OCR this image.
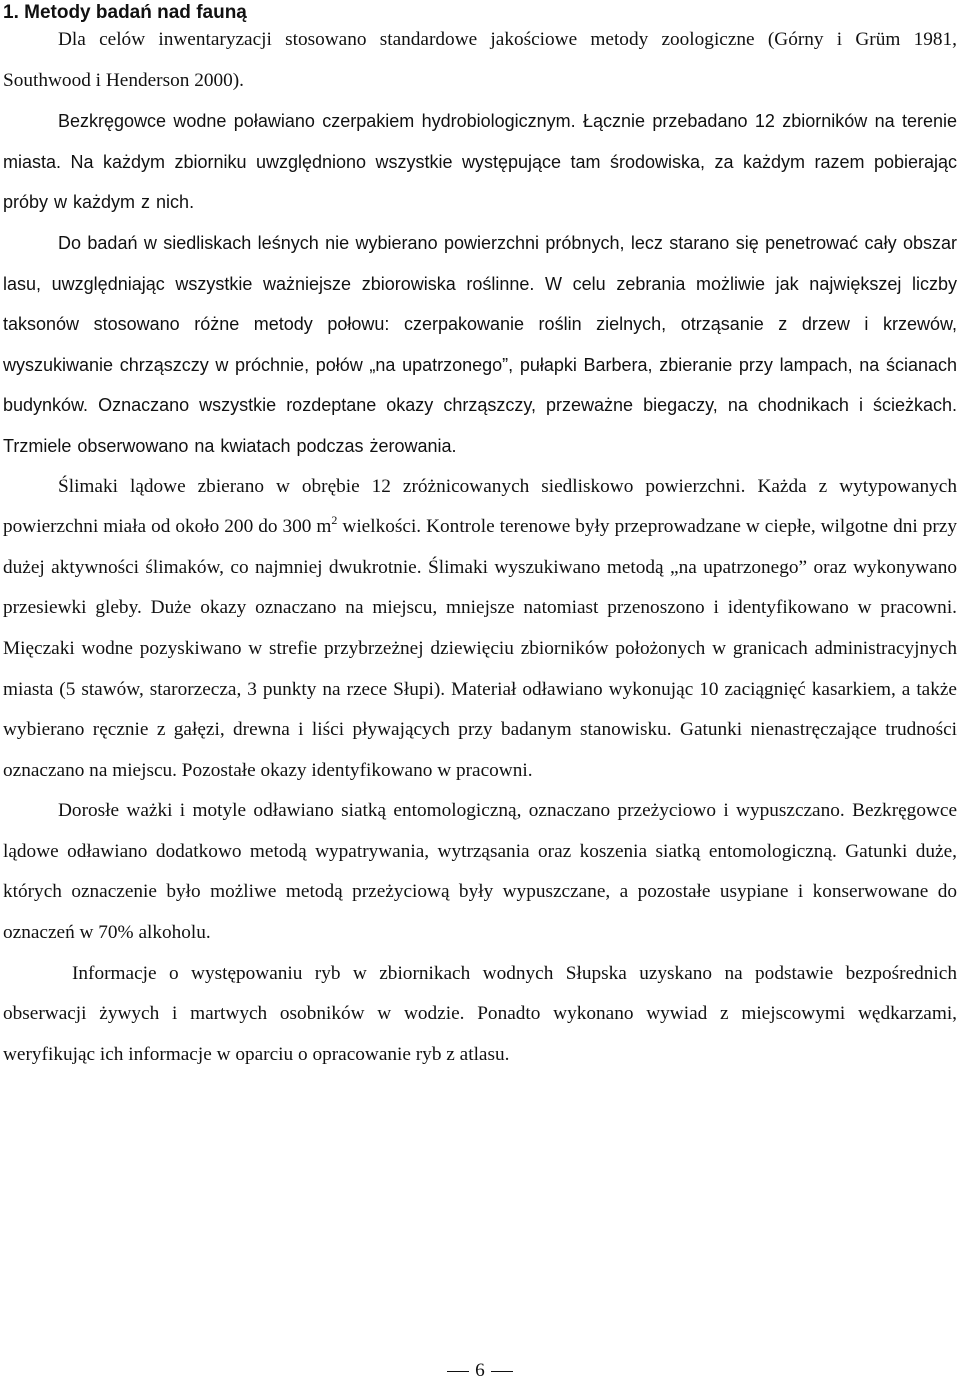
1. Metody badań nad fauną

Dla celów inwentaryzacji stosowano standardowe jakościowe metody zoologiczne (Górny i Grüm 1981, Southwood i Henderson 2000).

Bezkręgowce wodne poławiano czerpakiem hydrobiologicznym. Łącznie przebadano 12 zbiorników na terenie miasta. Na każdym zbiorniku uwzględniono wszystkie występujące tam środowiska, za każdym razem pobierając próby w każdym z nich.

Do badań w siedliskach leśnych nie wybierano powierzchni próbnych, lecz starano się penetrować cały obszar lasu, uwzględniając wszystkie ważniejsze zbiorowiska roślinne. W celu zebrania możliwie jak największej liczby taksonów stosowano różne metody połowu: czerpakowanie roślin zielnych, otrząsanie z drzew i krzewów, wyszukiwanie chrząszczy w próchnie, połów „na upatrzonego”, pułapki Barbera, zbieranie przy lampach, na ścianach budynków. Oznaczano wszystkie rozdeptane okazy chrząszczy, przeważne biegaczy, na chodnikach i ścieżkach. Trzmiele obserwowano na kwiatach podczas żerowania.

Ślimaki lądowe zbierano w obrębie 12 zróżnicowanych siedliskowo powierzchni. Każda z wytypowanych powierzchni miała od około 200 do 300 $m^2$ wielkości. Kontrole terenowe były przeprowadzane w ciepłe, wilgotne dni przy dużej aktywności ślimaków, co najmniej dwukrotnie. Ślimaki wyszukiwano metodą „na upatrzonego” oraz wykonywano przesiewki gleby. Duże okazy oznaczano na miejscu, mniejsze natomiast przenoszono i identyfikowano w pracowni. Mięczaki wodne pozyskiwano w strefie przybrzeżnej dziewięciu zbiorników położonych w granicach administracyjnych miasta (5 stawów, starorzecza, 3 punkty na rzece Słupi). Materiał odławiano wykonując 10 zaciągnięć kasarkiem, a także wybierano ręcznie z gałęzi, drewna i liści pływających przy badanym stanowisku. Gatunki nienastręczające trudności oznaczano na miejscu. Pozostałe okazy identyfikowano w pracowni.

Dorosłe ważki i motyle odławiano siatką entomologiczną, oznaczano przeżyciowo i wypuszczano. Bezkręgowce lądowe odławiano dodatkowo metodą wypatrywania, wytrząsania oraz koszenia siatką entomologiczną. Gatunki duże, których oznaczenie było możliwe metodą przeżyciową były wypuszczane, a pozostałe usypiane i konserwowane do oznaczeń w 70% alkoholu.

Informacje o występowaniu ryb w zbiornikach wodnych Słupska uzyskano na podstawie bezpośrednich obserwacji żywych i martwych osobników w wodzie. Ponadto wykonano wywiad z miejscowymi wędkarzami, weryfikując ich informacje w oparciu o opracowanie ryb z atlasu.

6
